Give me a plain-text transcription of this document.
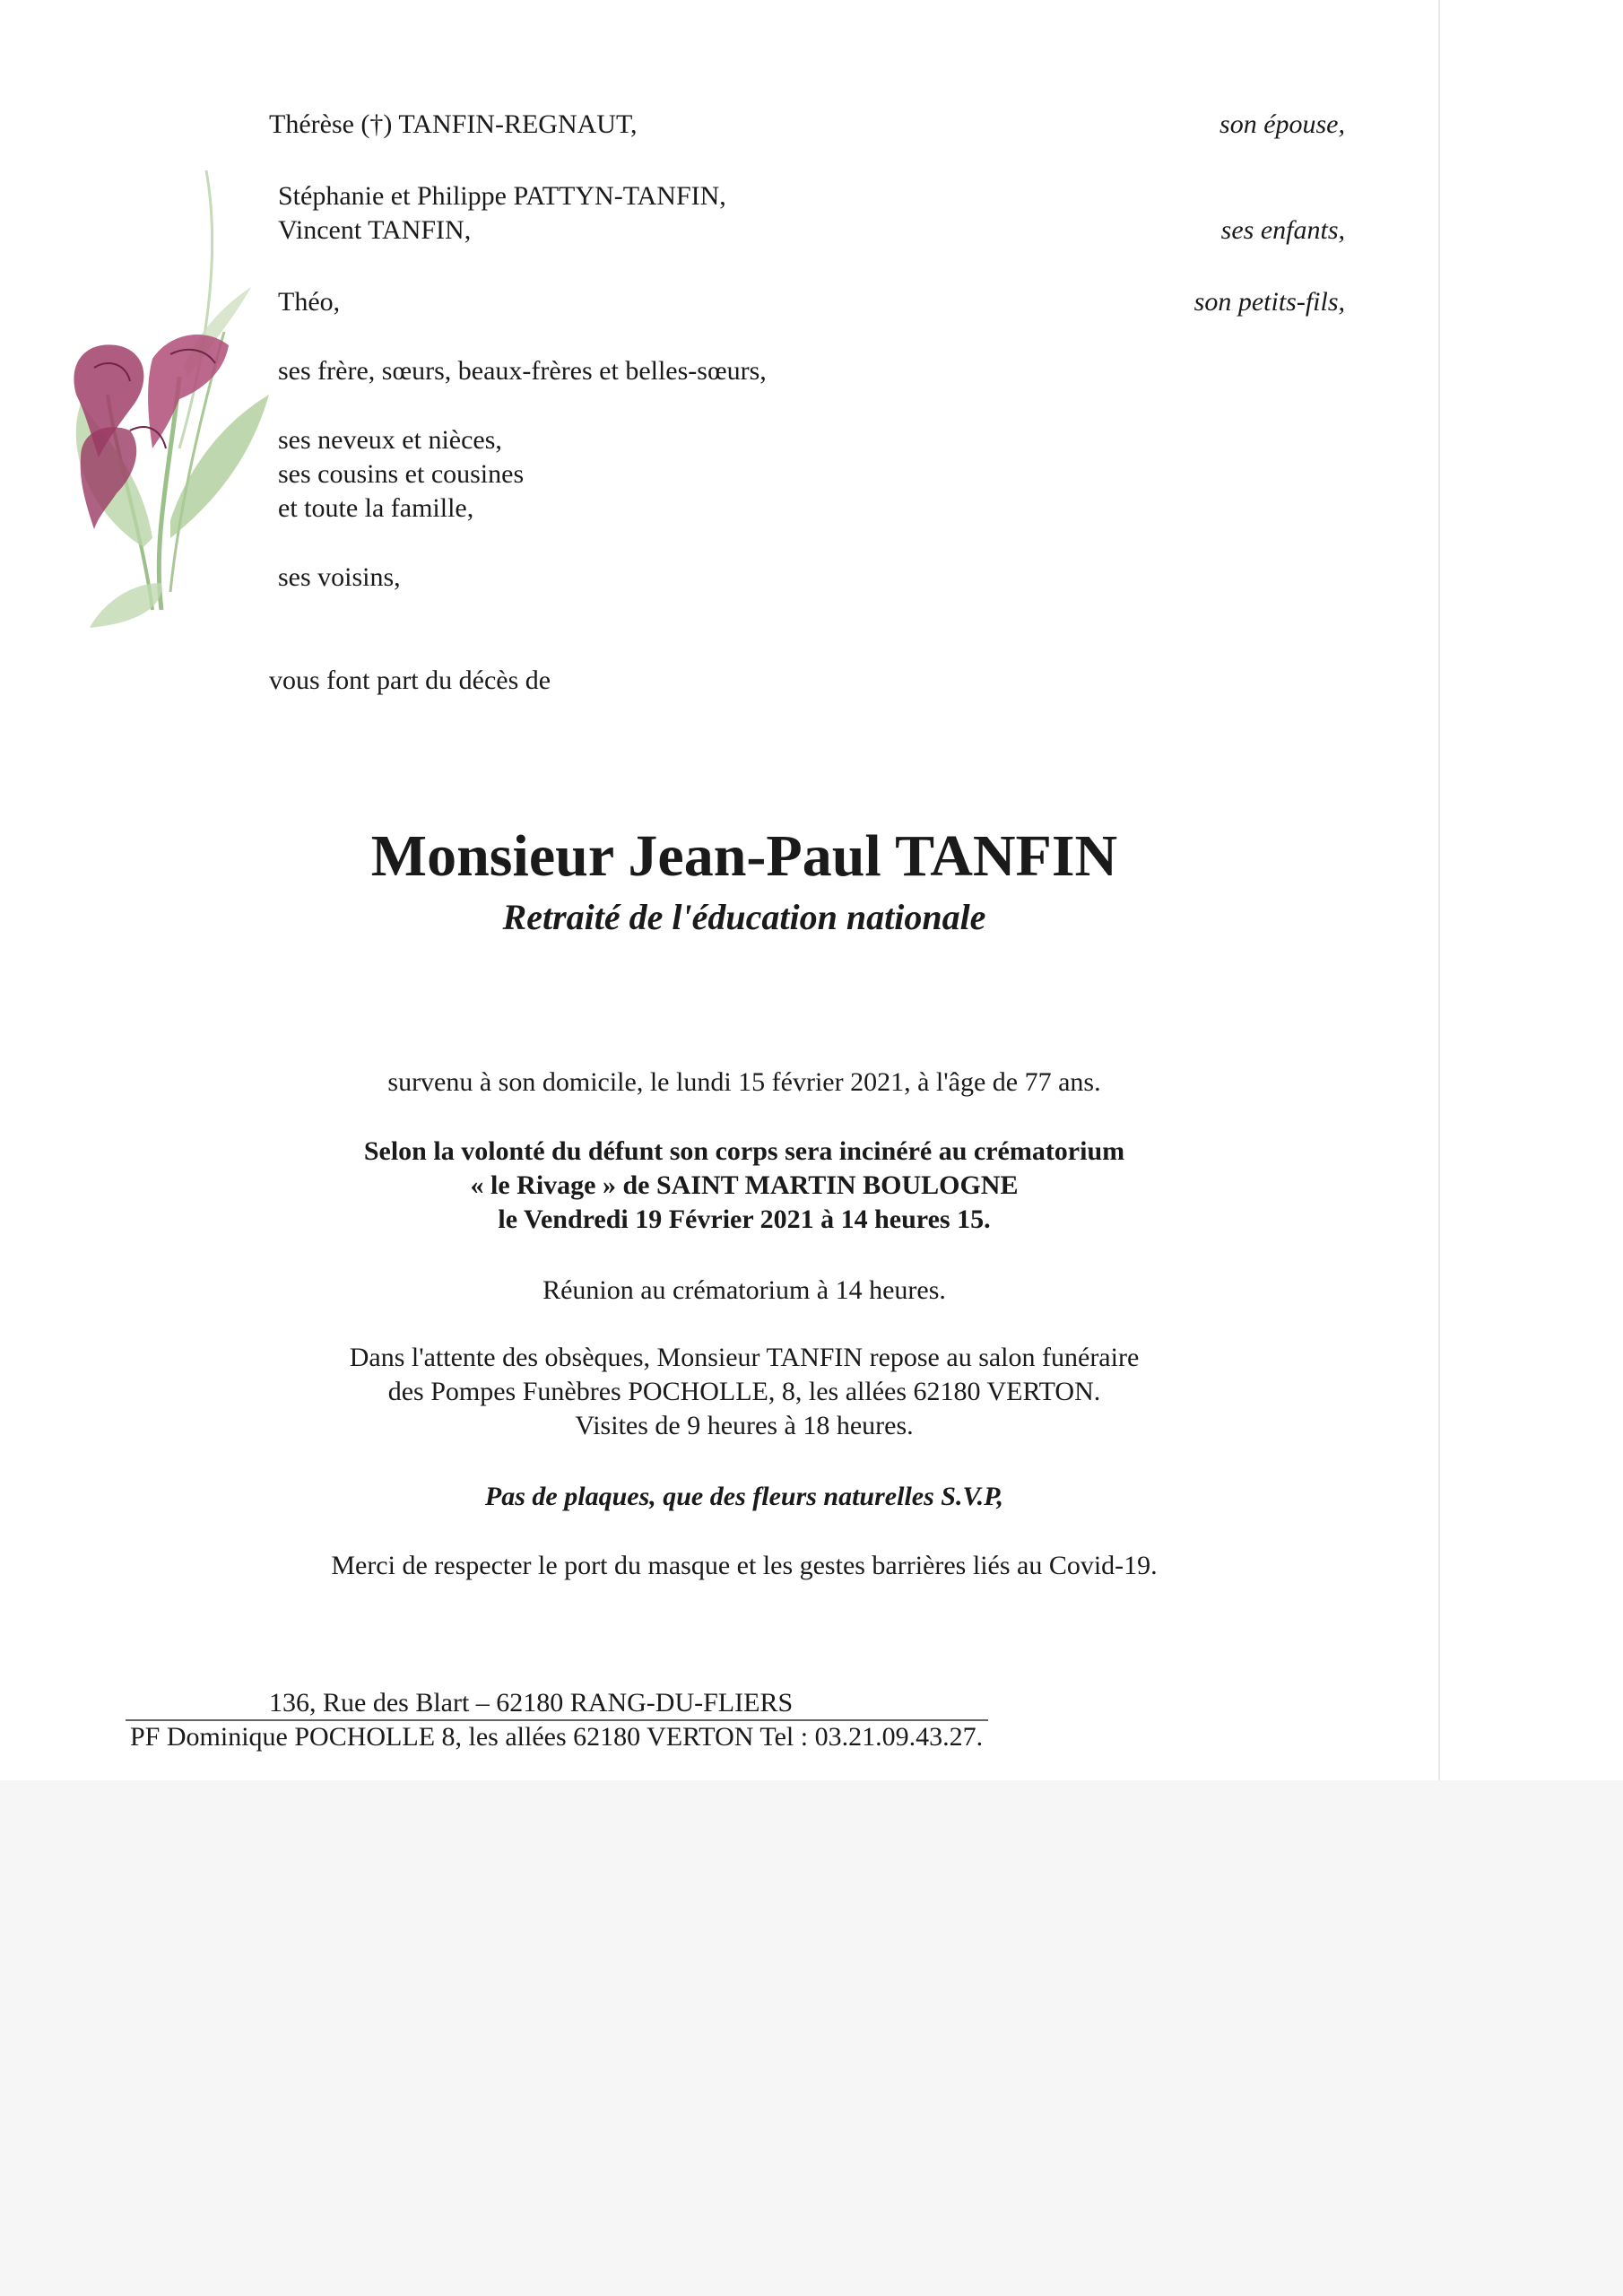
Thérèse (†) TANFIN-REGNAUT,	son épouse,
Stéphanie et Philippe PATTYN-TANFIN,
Vincent TANFIN,	ses enfants,
Théo,	son petits-fils,
ses frère, sœurs, beaux-frères et belles-sœurs,
ses neveux et nièces,
ses cousins et cousines
et toute la famille,
ses voisins,
vous font part du décès de
Monsieur Jean-Paul TANFIN
Retraité de l'éducation nationale
survenu à son domicile, le lundi 15 février 2021, à l'âge de 77 ans.
Selon la volonté du défunt son corps sera incinéré au crématorium
« le Rivage » de SAINT MARTIN BOULOGNE
le Vendredi 19 Février 2021 à 14 heures 15.
Réunion au crématorium à 14 heures.
Dans l'attente des obsèques, Monsieur TANFIN repose au salon funéraire
des Pompes Funèbres POCHOLLE, 8, les allées 62180 VERTON.
Visites de 9 heures à 18 heures.
Pas de plaques, que des fleurs naturelles S.V.P,
Merci de respecter le port du masque et les gestes barrières liés au Covid-19.
136, Rue des Blart – 62180 RANG-DU-FLIERS
PF Dominique POCHOLLE 8, les allées 62180 VERTON Tel : 03.21.09.43.27.
